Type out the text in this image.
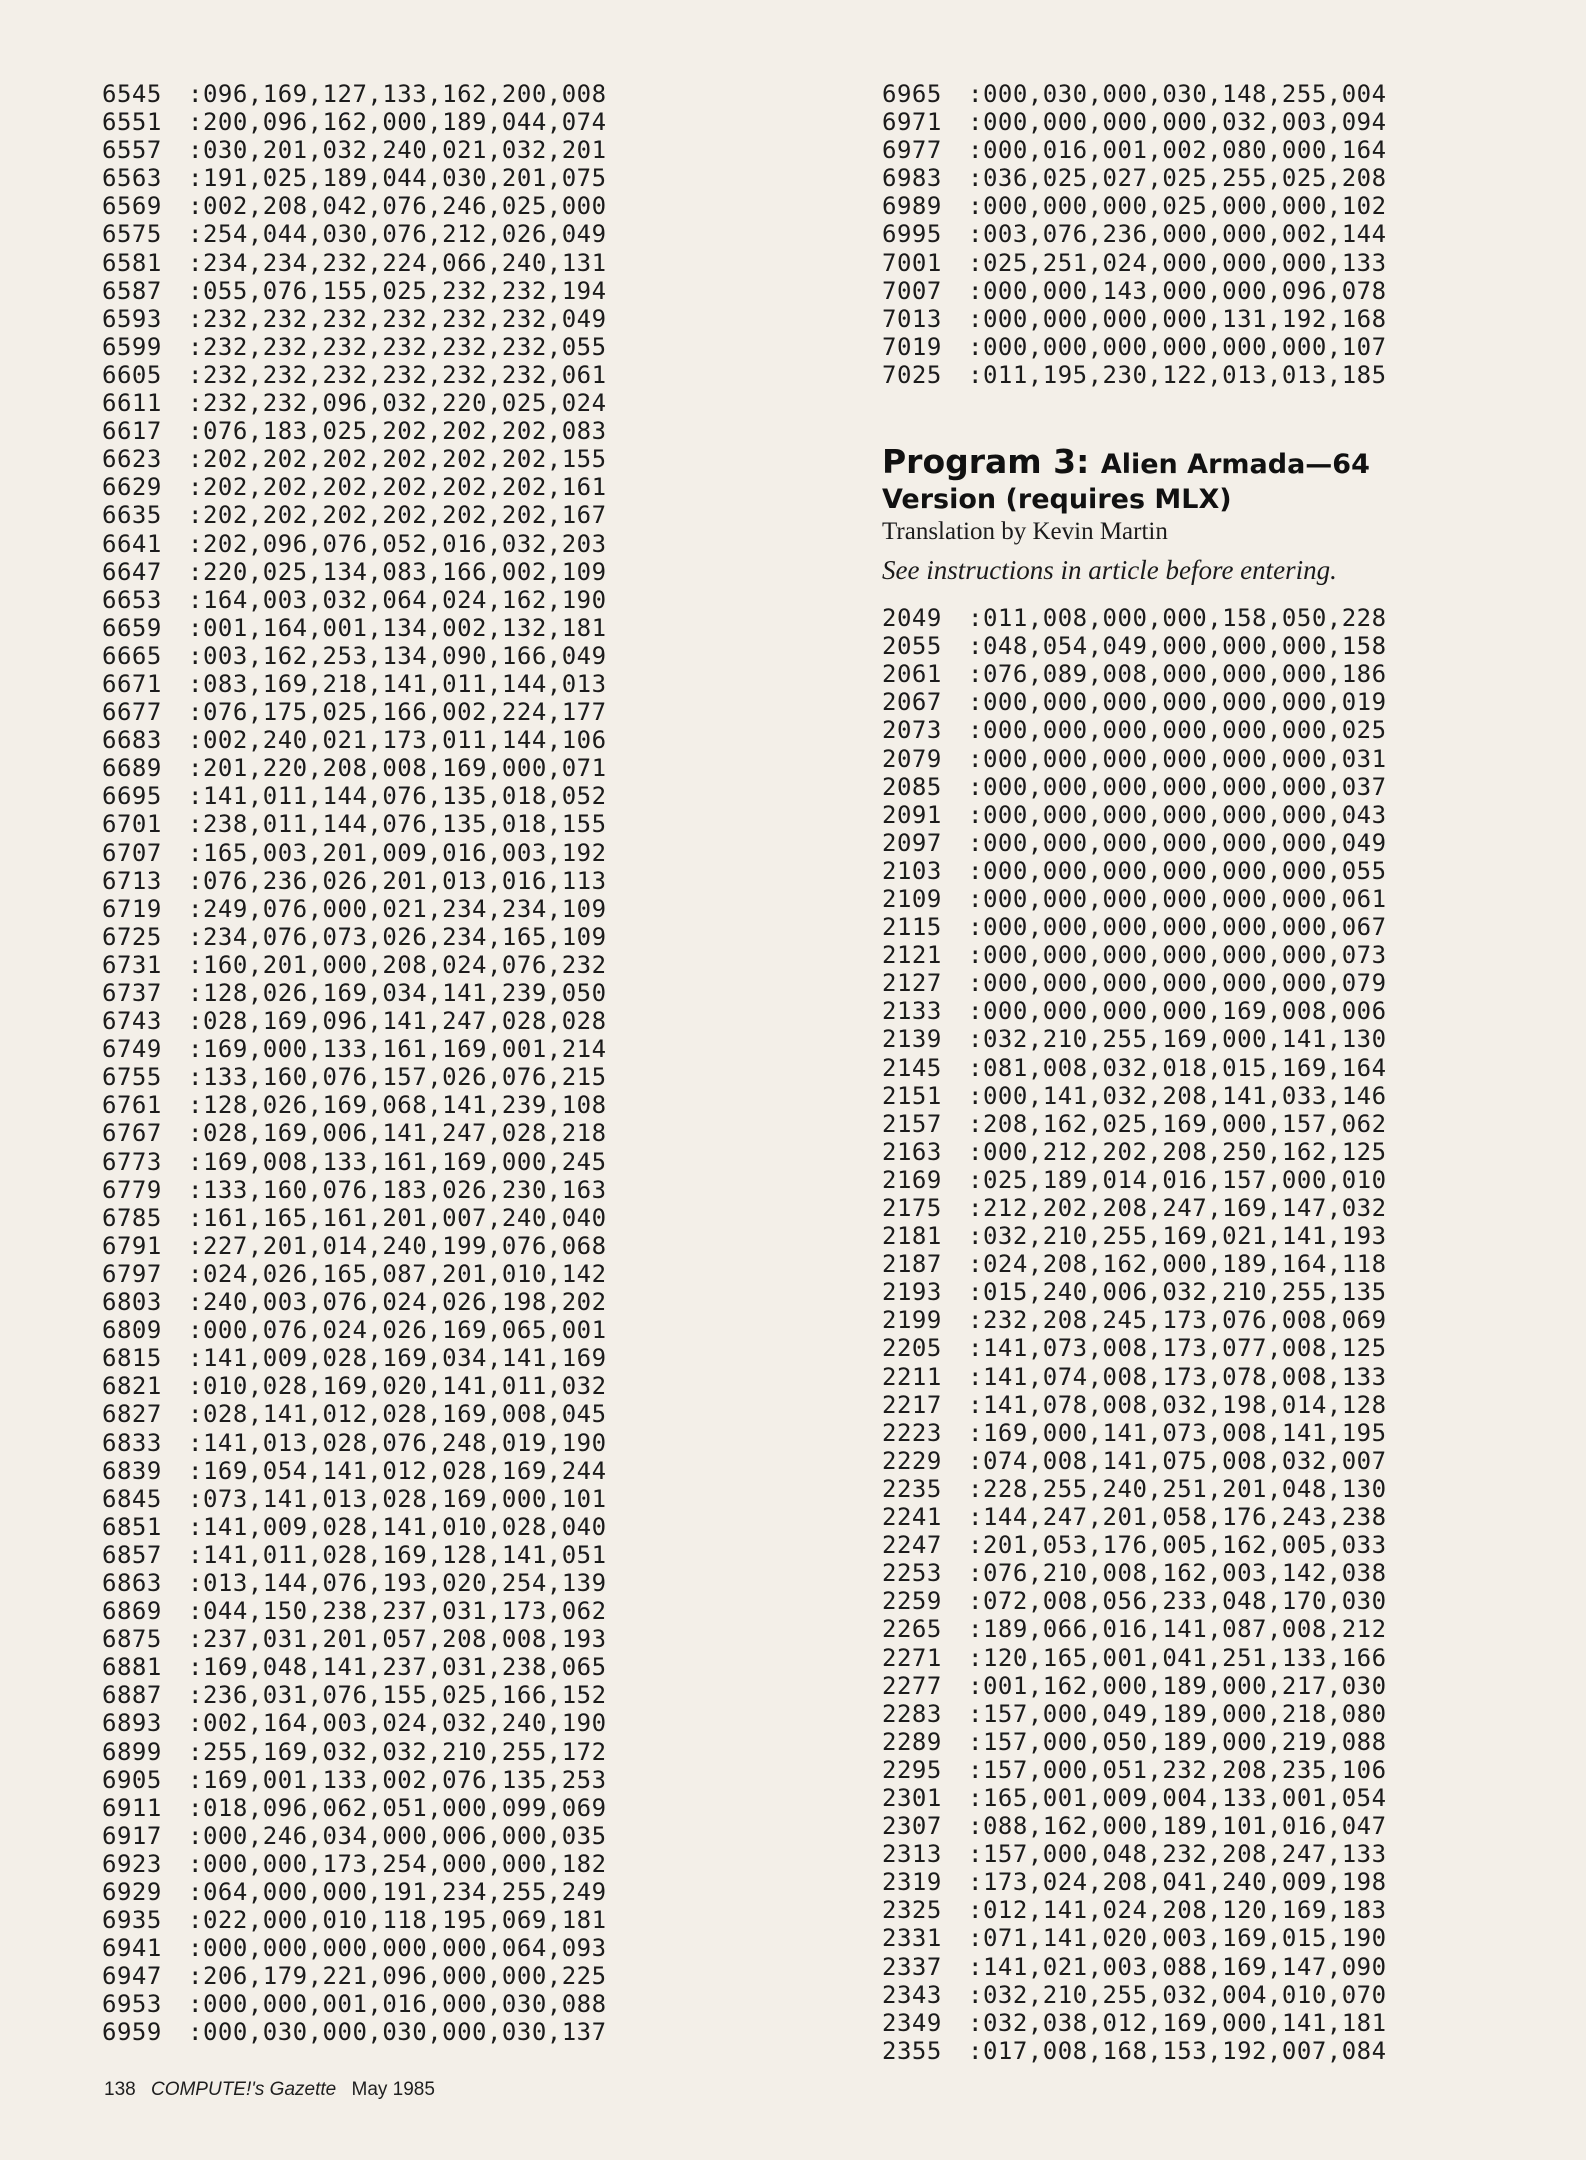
6545 :096,169,127,133,162,200,008
6551 :200,096,162,000,189,044,074
6557 :030,201,032,240,021,032,201
6563 :191,025,189,044,030,201,075
6569 :002,208,042,076,246,025,000
6575 :254,044,030,076,212,026,049
6581 :234,234,232,224,066,240,131
6587 :055,076,155,025,232,232,194
6593 :232,232,232,232,232,232,049
6599 :232,232,232,232,232,232,055
6605 :232,232,232,232,232,232,061
6611 :232,232,096,032,220,025,024
6617 :076,183,025,202,202,202,083
6623 :202,202,202,202,202,202,155
6629 :202,202,202,202,202,202,161
6635 :202,202,202,202,202,202,167
6641 :202,096,076,052,016,032,203
6647 :220,025,134,083,166,002,109
6653 :164,003,032,064,024,162,190
6659 :001,164,001,134,002,132,181
6665 :003,162,253,134,090,166,049
6671 :083,169,218,141,011,144,013
6677 :076,175,025,166,002,224,177
6683 :002,240,021,173,011,144,106
6689 :201,220,208,008,169,000,071
6695 :141,011,144,076,135,018,052
6701 :238,011,144,076,135,018,155
6707 :165,003,201,009,016,003,192
6713 :076,236,026,201,013,016,113
6719 :249,076,000,021,234,234,109
6725 :234,076,073,026,234,165,109
6731 :160,201,000,208,024,076,232
6737 :128,026,169,034,141,239,050
6743 :028,169,096,141,247,028,028
6749 :169,000,133,161,169,001,214
6755 :133,160,076,157,026,076,215
6761 :128,026,169,068,141,239,108
6767 :028,169,006,141,247,028,218
6773 :169,008,133,161,169,000,245
6779 :133,160,076,183,026,230,163
6785 :161,165,161,201,007,240,040
6791 :227,201,014,240,199,076,068
6797 :024,026,165,087,201,010,142
6803 :240,003,076,024,026,198,202
6809 :000,076,024,026,169,065,001
6815 :141,009,028,169,034,141,169
6821 :010,028,169,020,141,011,032
6827 :028,141,012,028,169,008,045
6833 :141,013,028,076,248,019,190
6839 :169,054,141,012,028,169,244
6845 :073,141,013,028,169,000,101
6851 :141,009,028,141,010,028,040
6857 :141,011,028,169,128,141,051
6863 :013,144,076,193,020,254,139
6869 :044,150,238,237,031,173,062
6875 :237,031,201,057,208,008,193
6881 :169,048,141,237,031,238,065
6887 :236,031,076,155,025,166,152
6893 :002,164,003,024,032,240,190
6899 :255,169,032,032,210,255,172
6905 :169,001,133,002,076,135,253
6911 :018,096,062,051,000,099,069
6917 :000,246,034,000,006,000,035
6923 :000,000,173,254,000,000,182
6929 :064,000,000,191,234,255,249
6935 :022,000,010,118,195,069,181
6941 :000,000,000,000,000,064,093
6947 :206,179,221,096,000,000,225
6953 :000,000,001,016,000,030,088
6959 :000,030,000,030,000,030,137
6965 :000,030,000,030,148,255,004
6971 :000,000,000,000,032,003,094
6977 :000,016,001,002,080,000,164
6983 :036,025,027,025,255,025,208
6989 :000,000,000,025,000,000,102
6995 :003,076,236,000,000,002,144
7001 :025,251,024,000,000,000,133
7007 :000,000,143,000,000,096,078
7013 :000,000,000,000,131,192,168
7019 :000,000,000,000,000,000,107
7025 :011,195,230,122,013,013,185
Program 3: Alien Armada—64
Version (requires MLX)
Translation by Kevin Martin
See instructions in article before entering.
2049 :011,008,000,000,158,050,228
2055 :048,054,049,000,000,000,158
2061 :076,089,008,000,000,000,186
2067 :000,000,000,000,000,000,019
2073 :000,000,000,000,000,000,025
2079 :000,000,000,000,000,000,031
2085 :000,000,000,000,000,000,037
2091 :000,000,000,000,000,000,043
2097 :000,000,000,000,000,000,049
2103 :000,000,000,000,000,000,055
2109 :000,000,000,000,000,000,061
2115 :000,000,000,000,000,000,067
2121 :000,000,000,000,000,000,073
2127 :000,000,000,000,000,000,079
2133 :000,000,000,000,169,008,006
2139 :032,210,255,169,000,141,130
2145 :081,008,032,018,015,169,164
2151 :000,141,032,208,141,033,146
2157 :208,162,025,169,000,157,062
2163 :000,212,202,208,250,162,125
2169 :025,189,014,016,157,000,010
2175 :212,202,208,247,169,147,032
2181 :032,210,255,169,021,141,193
2187 :024,208,162,000,189,164,118
2193 :015,240,006,032,210,255,135
2199 :232,208,245,173,076,008,069
2205 :141,073,008,173,077,008,125
2211 :141,074,008,173,078,008,133
2217 :141,078,008,032,198,014,128
2223 :169,000,141,073,008,141,195
2229 :074,008,141,075,008,032,007
2235 :228,255,240,251,201,048,130
2241 :144,247,201,058,176,243,238
2247 :201,053,176,005,162,005,033
2253 :076,210,008,162,003,142,038
2259 :072,008,056,233,048,170,030
2265 :189,066,016,141,087,008,212
2271 :120,165,001,041,251,133,166
2277 :001,162,000,189,000,217,030
2283 :157,000,049,189,000,218,080
2289 :157,000,050,189,000,219,088
2295 :157,000,051,232,208,235,106
2301 :165,001,009,004,133,001,054
2307 :088,162,000,189,101,016,047
2313 :157,000,048,232,208,247,133
2319 :173,024,208,041,240,009,198
2325 :012,141,024,208,120,169,183
2331 :071,141,020,003,169,015,190
2337 :141,021,003,088,169,147,090
2343 :032,210,255,032,004,010,070
2349 :032,038,012,169,000,141,181
2355 :017,008,168,153,192,007,084
138 COMPUTE!'s Gazette May 1985
